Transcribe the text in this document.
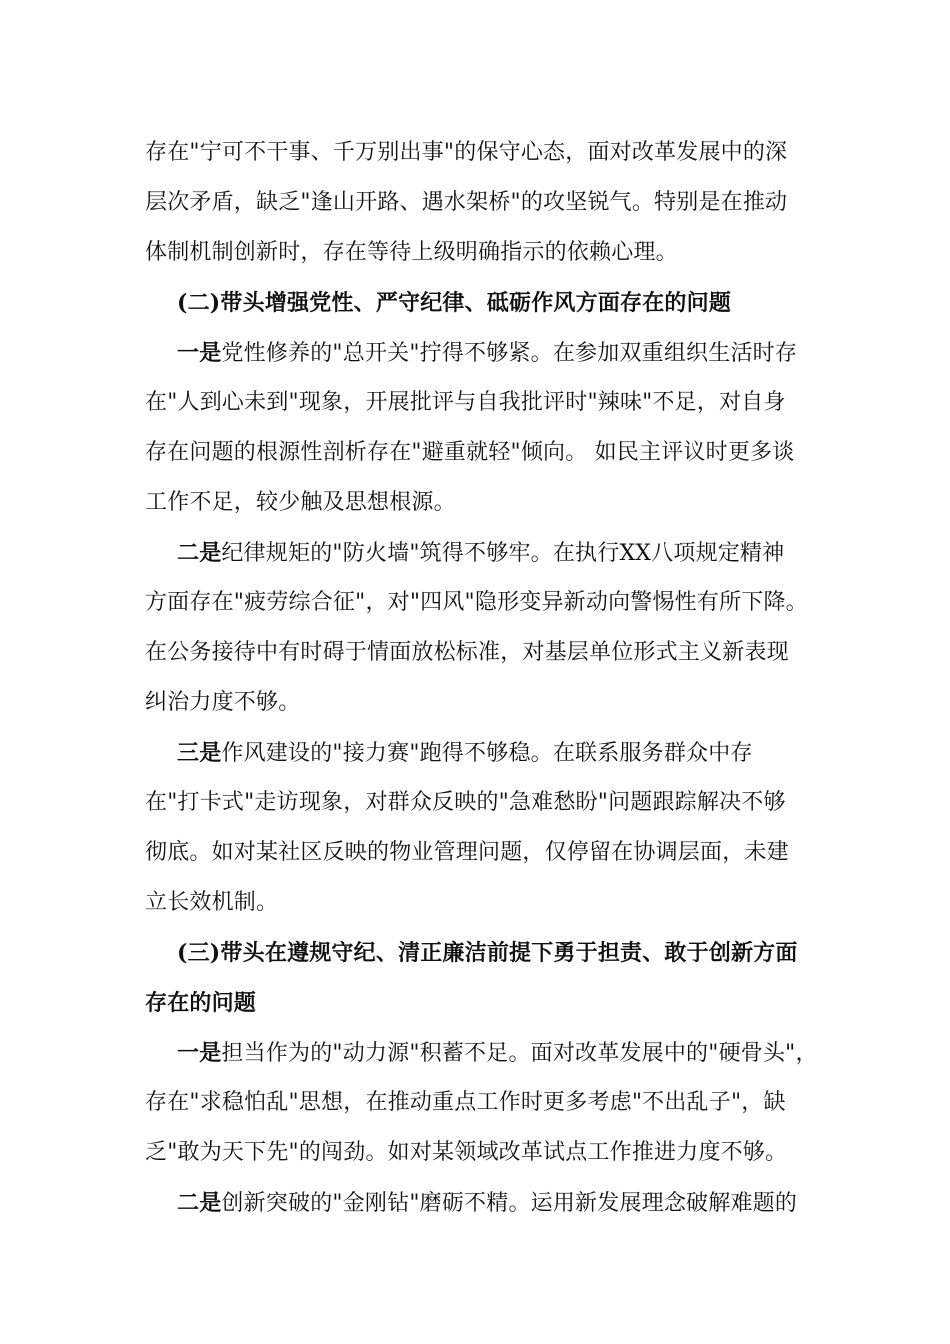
存在"宁可不干事、千万别出事"的保守心态，面对改革发展中的深
层次矛盾，缺乏"逢山开路、遇水架桥"的攻坚锐气。特别是在推动
体制机制创新时，存在等待上级明确指示的依赖心理。
(二)带头增强党性、严守纪律、砥砺作风方面存在的问题
一是党性修养的"总开关"拧得不够紧。在参加双重组织生活时存
在"人到心未到"现象，开展批评与自我批评时"辣味"不足，对自身
存在问题的根源性剖析存在"避重就轻"倾向。 如民主评议时更多谈
工作不足，较少触及思想根源。
二是纪律规矩的"防火墙"筑得不够牢。在执行XX八项规定精神
方面存在"疲劳综合征"，对"四风"隐形变异新动向警惕性有所下降。
在公务接待中有时碍于情面放松标准，对基层单位形式主义新表现
纠治力度不够。
三是作风建设的"接力赛"跑得不够稳。在联系服务群众中存
在"打卡式"走访现象，对群众反映的"急难愁盼"问题跟踪解决不够
彻底。如对某社区反映的物业管理问题，仅停留在协调层面，未建
立长效机制。
(三)带头在遵规守纪、清正廉洁前提下勇于担责、敢于创新方面
存在的问题
一是担当作为的"动力源"积蓄不足。面对改革发展中的"硬骨头"，
存在"求稳怕乱"思想，在推动重点工作时更多考虑"不出乱子"，缺
乏"敢为天下先"的闯劲。如对某领域改革试点工作推进力度不够。
二是创新突破的"金刚钻"磨砺不精。运用新发展理念破解难题的
